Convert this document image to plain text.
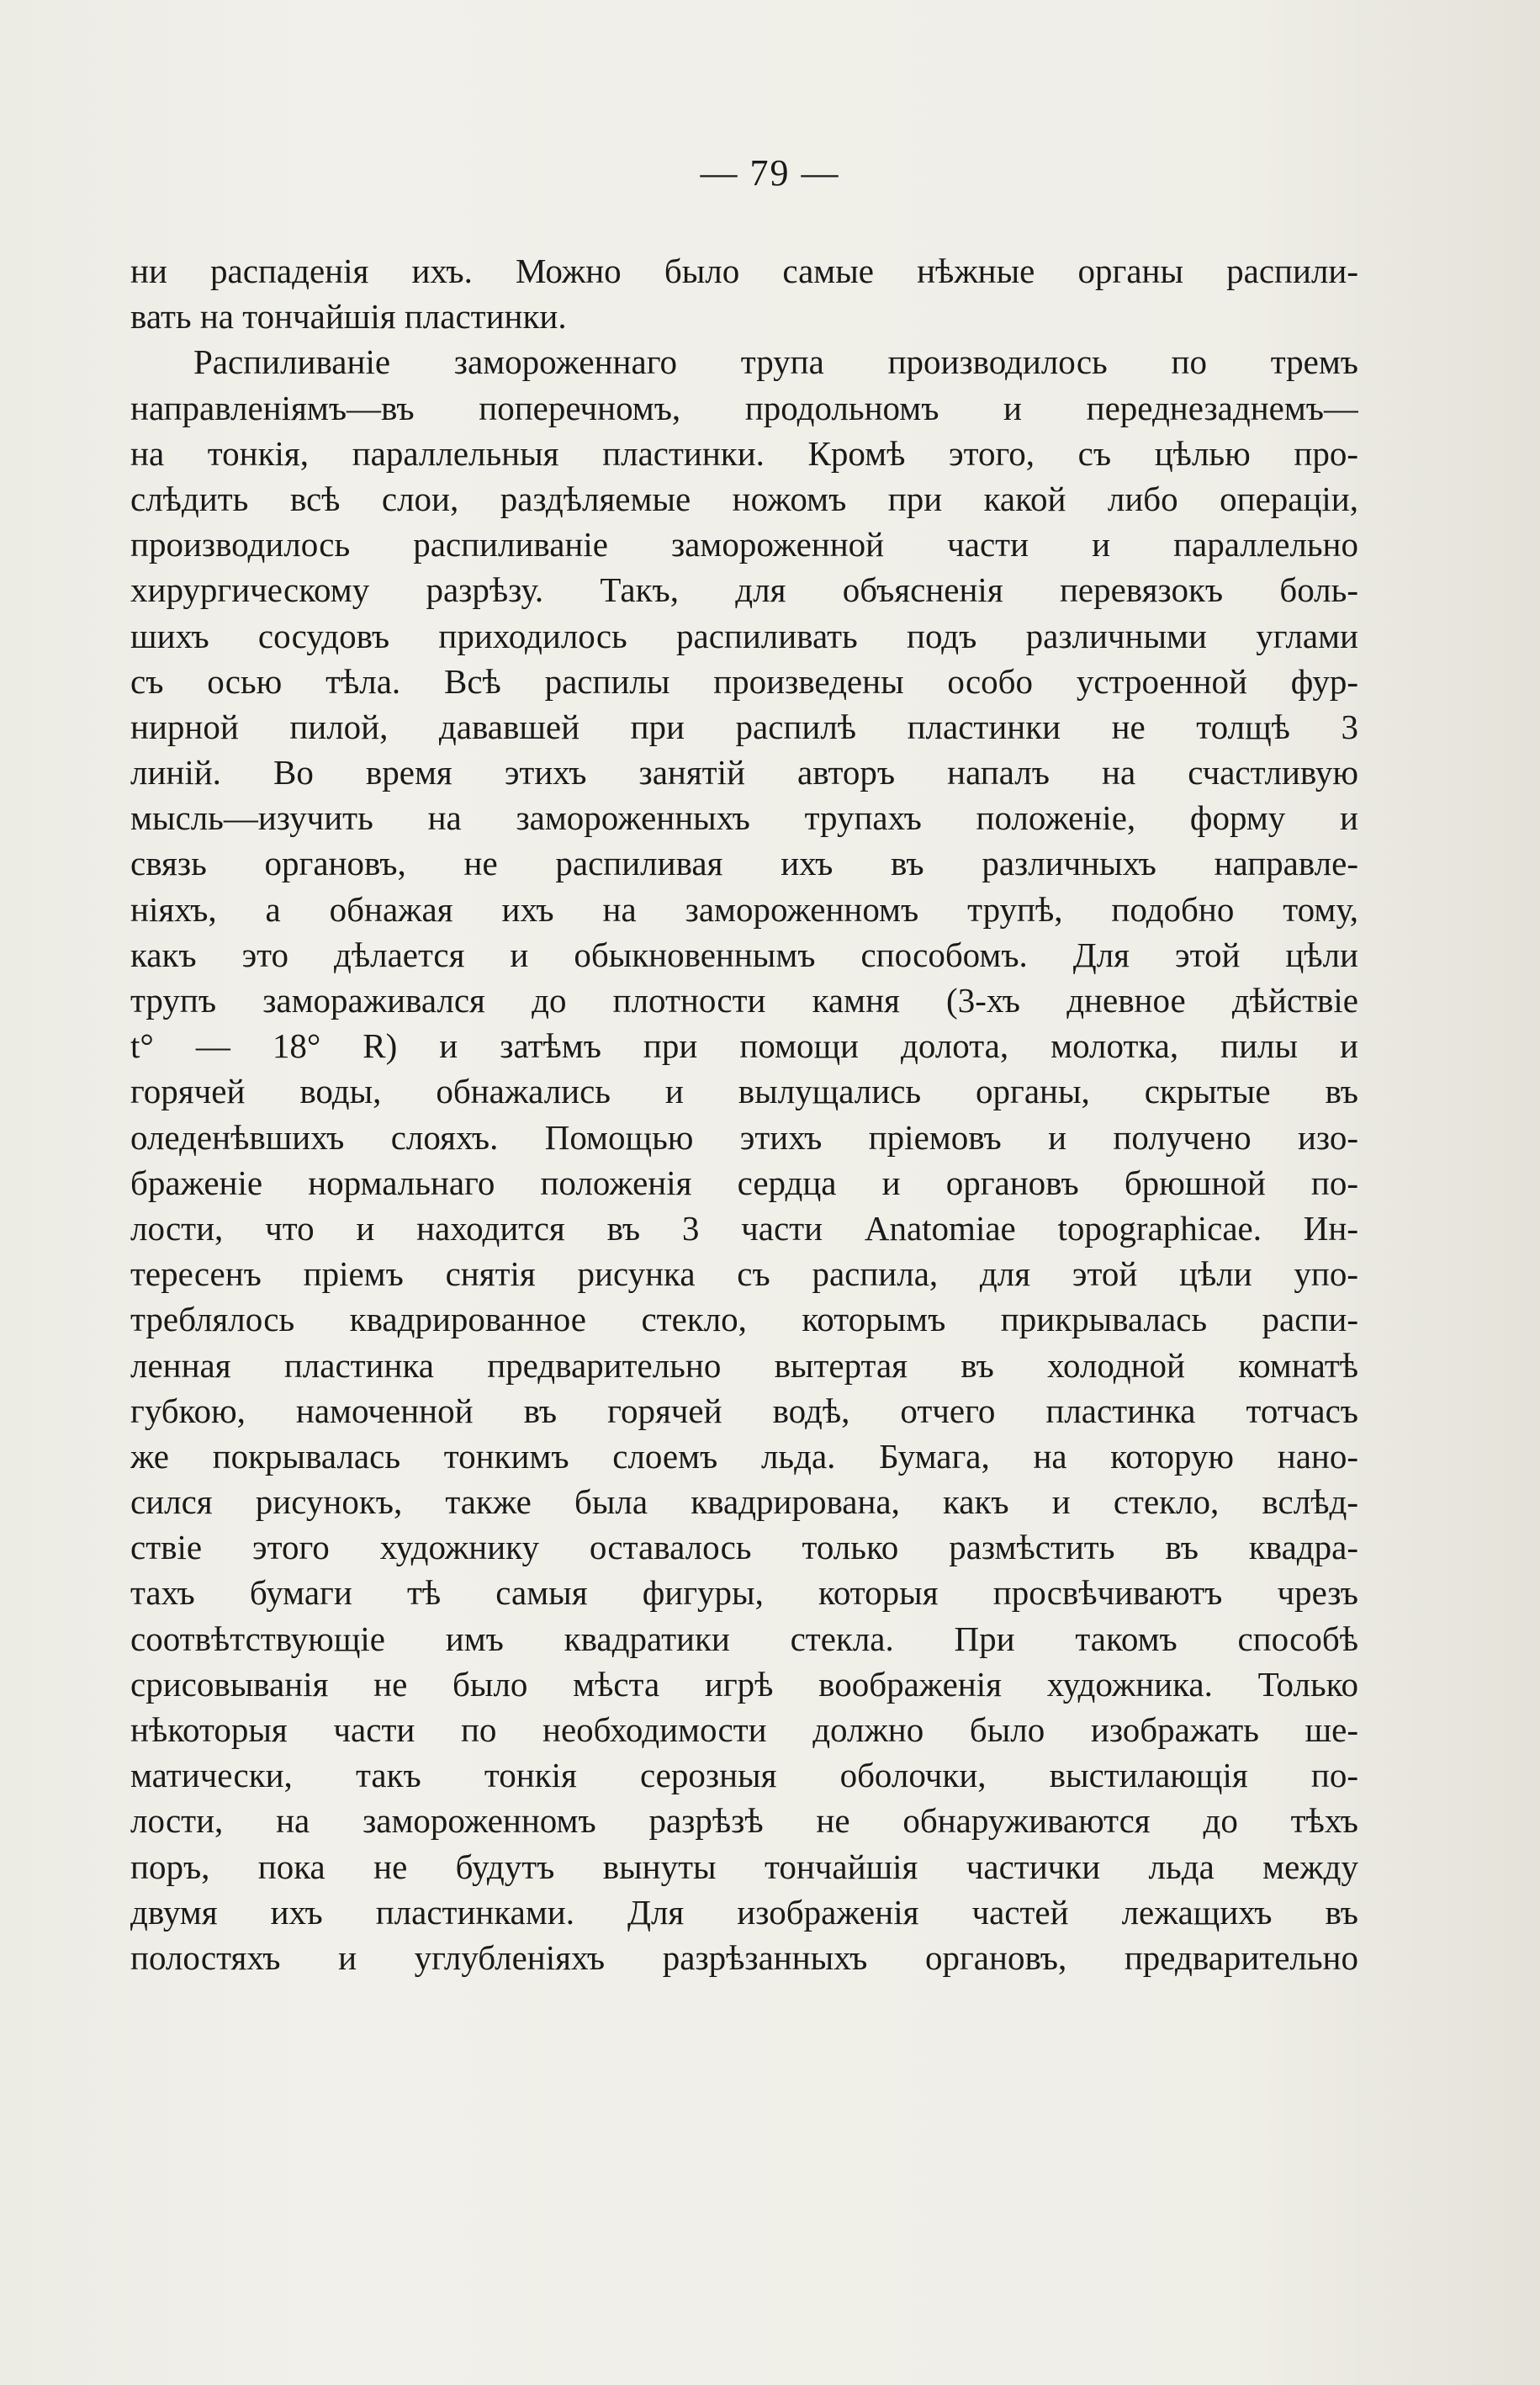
— 79 —
ни распаденія ихъ. Можно было самые нѣжные органы распили-
вать на тончайшія пластинки.
Распиливаніе замороженнаго трупа производилось по тремъ
направленіямъ—въ поперечномъ, продольномъ и переднезаднемъ—
на тонкія, параллельныя пластинки. Кромѣ этого, съ цѣлью про-
слѣдить всѣ слои, раздѣляемые ножомъ при какой либо операціи,
производилось распиливаніе замороженной части и параллельно
хирургическому разрѣзу. Такъ, для объясненія перевязокъ боль-
шихъ сосудовъ приходилось распиливать подъ различными углами
съ осью тѣла. Всѣ распилы произведены особо устроенной фур-
нирной пилой, дававшей при распилѣ пластинки не толщѣ 3
линій. Во время этихъ занятій авторъ напалъ на счастливую
мысль—изучить на замороженныхъ трупахъ положеніе, форму и
связь органовъ, не распиливая ихъ въ различныхъ направле-
ніяхъ, а обнажая ихъ на замороженномъ трупѣ, подобно тому,
какъ это дѣлается и обыкновеннымъ способомъ. Для этой цѣли
трупъ замораживался до плотности камня (3-хъ дневное дѣйствіе
t° — 18° R) и затѣмъ при помощи долота, молотка, пилы и
горячей воды, обнажались и вылущались органы, скрытые въ
оледенѣвшихъ слояхъ. Помощью этихъ пріемовъ и получено изо-
браженіе нормальнаго положенія сердца и органовъ брюшной по-
лости, что и находится въ 3 части Anatomiae topographicae. Ин-
тересенъ пріемъ снятія рисунка съ распила, для этой цѣли упо-
треблялось квадрированное стекло, которымъ прикрывалась распи-
ленная пластинка предварительно вытертая въ холодной комнатѣ
губкою, намоченной въ горячей водѣ, отчего пластинка тотчасъ
же покрывалась тонкимъ слоемъ льда. Бумага, на которую нано-
сился рисунокъ, также была квадрирована, какъ и стекло, вслѣд-
ствіе этого художнику оставалось только размѣстить въ квадра-
тахъ бумаги тѣ самыя фигуры, которыя просвѣчиваютъ чрезъ
соотвѣтствующіе имъ квадратики стекла. При такомъ способѣ
срисовыванія не было мѣста игрѣ воображенія художника. Только
нѣкоторыя части по необходимости должно было изображать ше-
матически, такъ тонкія серозныя оболочки, выстилающія по-
лости, на замороженномъ разрѣзѣ не обнаруживаются до тѣхъ
поръ, пока не будутъ вынуты тончайшія частички льда между
двумя ихъ пластинками. Для изображенія частей лежащихъ въ
полостяхъ и углубленіяхъ разрѣзанныхъ органовъ, предварительно
